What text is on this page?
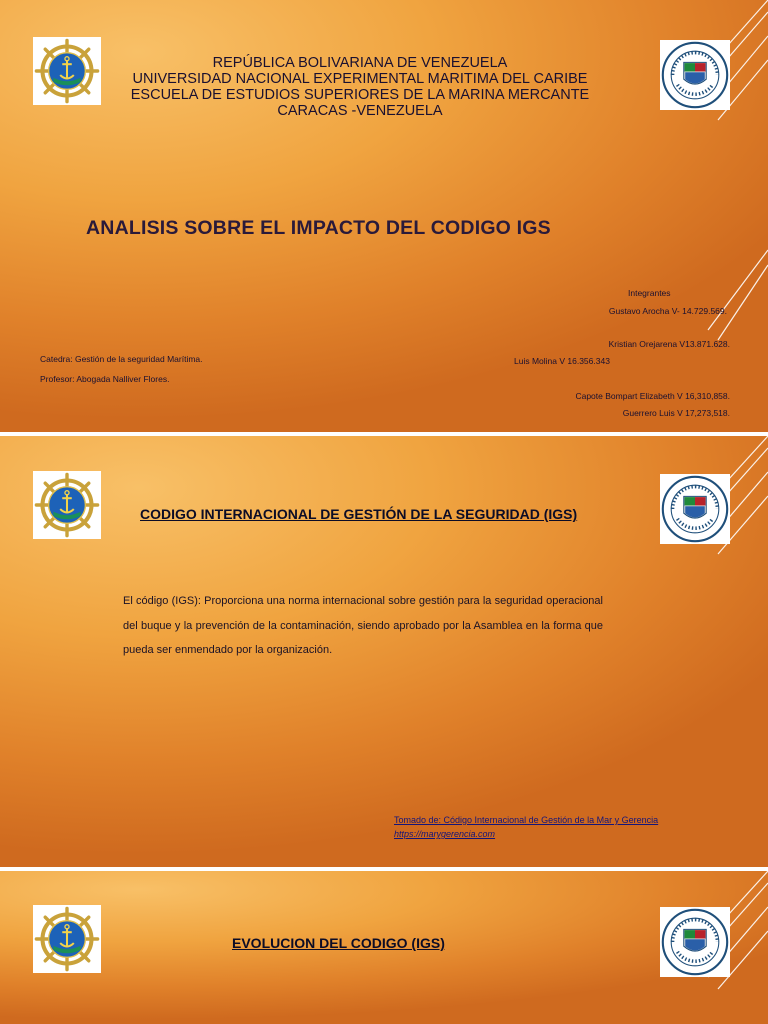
REPÚBLICA BOLIVARIANA DE VENEZUELA
UNIVERSIDAD NACIONAL EXPERIMENTAL MARITIMA DEL CARIBE
ESCUELA DE ESTUDIOS SUPERIORES DE LA MARINA MERCANTE
CARACAS -VENEZUELA
ANALISIS SOBRE EL IMPACTO DEL CODIGO IGS
Integrantes
Gustavo Arocha V- 14.729.569.
Kristian Orejarena V13.871.628.
Luis Molina V 16.356.343
Capote Bompart Elizabeth V 16,310,858.
Guerrero Luis V 17,273,518.
Catedra: Gestión de la seguridad Marítima.
Profesor: Abogada Nalliver Flores.
CODIGO INTERNACIONAL DE GESTIÓN DE LA SEGURIDAD (IGS)
El código (IGS): Proporciona una norma internacional sobre gestión para la seguridad operacional del buque y la prevención de la contaminación, siendo aprobado por la Asamblea en la forma que pueda ser enmendado por la organización.
Tomado de: Código Internacional de Gestión de la Mar y Gerencia
https://marygerencia.com
EVOLUCION DEL CODIGO (IGS)
